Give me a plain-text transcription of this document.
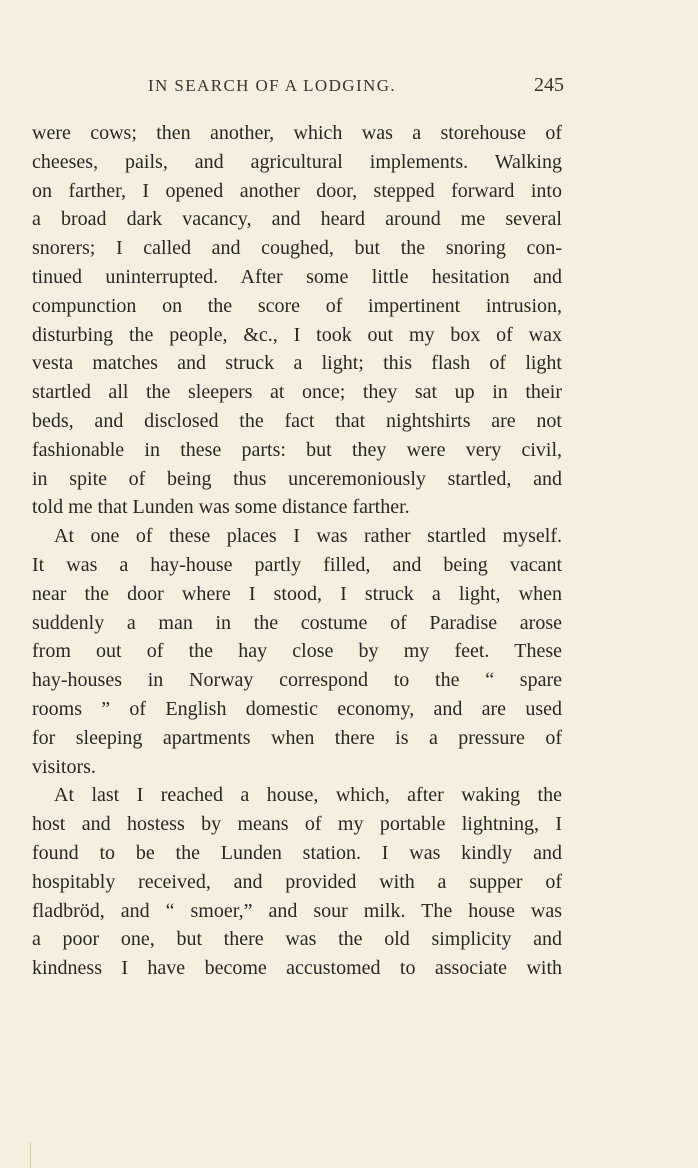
IN SEARCH OF A LODGING.	245
were cows; then another, which was a storehouse of
cheeses, pails, and agricultural implements. Walking
on farther, I opened another door, stepped forward into
a broad dark vacancy, and heard around me several
snorers; I called and coughed, but the snoring con-
tinued uninterrupted. After some little hesitation and
compunction on the score of impertinent intrusion,
disturbing the people, &c., I took out my box of wax
vesta matches and struck a light; this flash of light
startled all the sleepers at once; they sat up in their
beds, and disclosed the fact that nightshirts are not
fashionable in these parts: but they were very civil,
in spite of being thus unceremoniously startled, and
told me that Lunden was some distance farther.
At one of these places I was rather startled myself.
It was a hay-house partly filled, and being vacant
near the door where I stood, I struck a light, when
suddenly a man in the costume of Paradise arose
from out of the hay close by my feet. These
hay-houses in Norway correspond to the “ spare
rooms ” of English domestic economy, and are used
for sleeping apartments when there is a pressure of
visitors.
At last I reached a house, which, after waking the
host and hostess by means of my portable lightning, I
found to be the Lunden station. I was kindly and
hospitably received, and provided with a supper of
fladbröd, and “ smoer,” and sour milk. The house was
a poor one, but there was the old simplicity and
kindness I have become accustomed to associate with
